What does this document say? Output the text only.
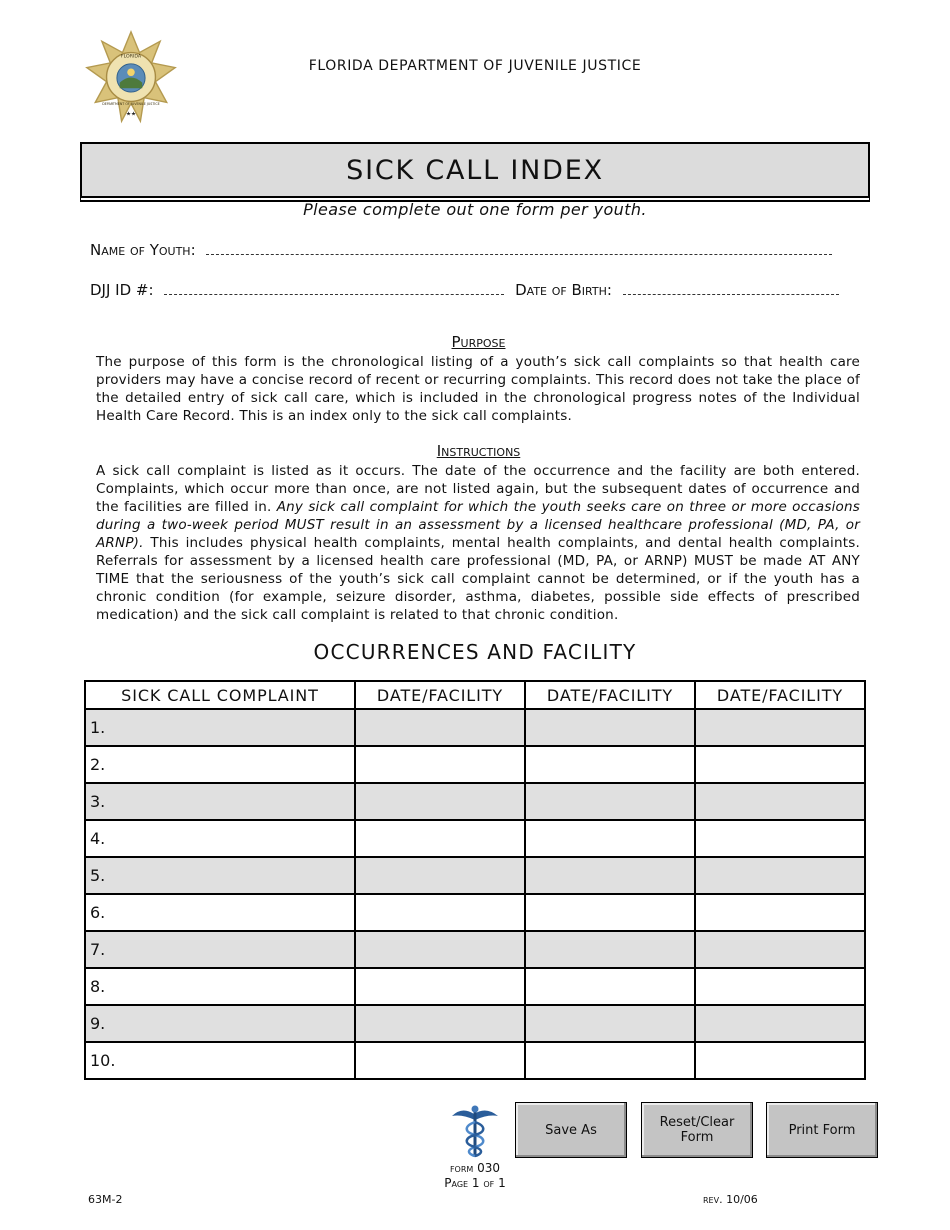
FLORIDA
DEPARTMENT OF JUVENILE JUSTICE
★★
FLORIDA DEPARTMENT OF JUVENILE JUSTICE
SICK CALL INDEX
Please complete out one form per youth.
Name of Youth:
DJJ ID #:	Date of Birth:
Purpose
The purpose of this form is the chronological listing of a youth’s sick call complaints so that health care providers may have a concise record of recent or recurring complaints. This record does not take the place of the detailed entry of sick call care, which is included in the chronological progress notes of the Individual Health Care Record. This is an index only to the sick call complaints.
Instructions
A sick call complaint is listed as it occurs. The date of the occurrence and the facility are both entered. Complaints, which occur more than once, are not listed again, but the subsequent dates of occurrence and the facilities are filled in. Any sick call complaint for which the youth seeks care on three or more occasions during a two-week period MUST result in an assessment by a licensed healthcare professional (MD, PA, or ARNP). This includes physical health complaints, mental health complaints, and dental health complaints. Referrals for assessment by a licensed health care professional (MD, PA, or ARNP) MUST be made AT ANY TIME that the seriousness of the youth’s sick call complaint cannot be determined, or if the youth has a chronic condition (for example, seizure disorder, asthma, diabetes, possible side effects of prescribed medication) and the sick call complaint is related to that chronic condition.
OCCURRENCES AND FACILITY
SICK CALL COMPLAINT	DATE/FACILITY	DATE/FACILITY	DATE/FACILITY
1.			
2.			
3.			
4.			
5.			
6.			
7.			
8.			
9.			
10.			
form 030
Page 1 of 1
Save As	Reset/Clear Form	Print Form
63M-2	rev. 10/06
